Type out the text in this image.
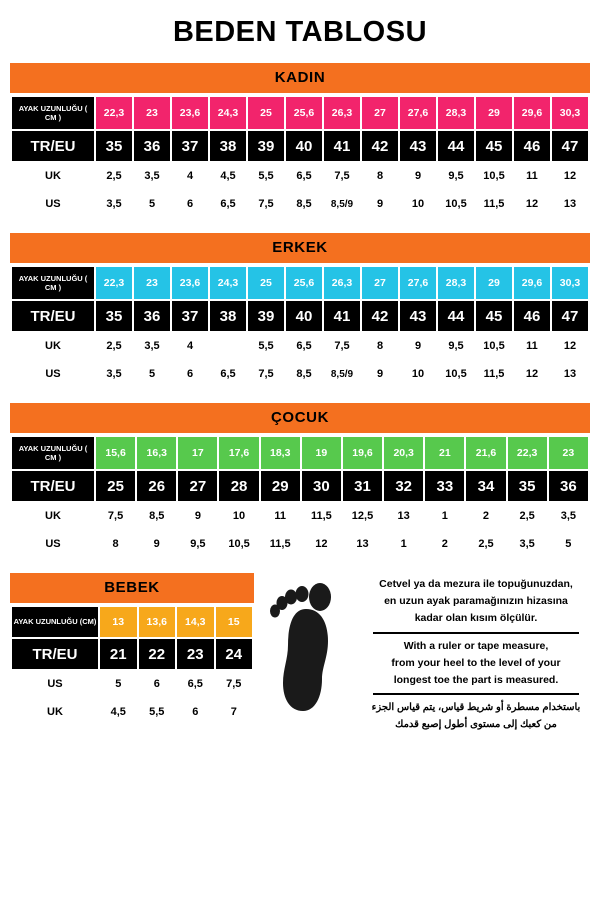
BEDEN TABLOSU
KADIN
AYAK UZUNLUĞU ( CM )	22,3	23	23,6	24,3	25	25,6	26,3	27	27,6	28,3	29	29,6	30,3
TR/EU	35	36	37	38	39	40	41	42	43	44	45	46	47
UK	2,5	3,5	4	4,5	5,5	6,5	7,5	8	9	9,5	10,5	11	12
US	3,5	5	6	6,5	7,5	8,5	8,5/9	9	10	10,5	11,5	12	13
ERKEK
AYAK UZUNLUĞU ( CM )	22,3	23	23,6	24,3	25	25,6	26,3	27	27,6	28,3	29	29,6	30,3
TR/EU	35	36	37	38	39	40	41	42	43	44	45	46	47
UK	2,5	3,5	4		5,5	6,5	7,5	8	9	9,5	10,5	11	12
US	3,5	5	6	6,5	7,5	8,5	8,5/9	9	10	10,5	11,5	12	13
ÇOCUK
AYAK UZUNLUĞU ( CM )	15,6	16,3	17	17,6	18,3	19	19,6	20,3	21	21,6	22,3	23
TR/EU	25	26	27	28	29	30	31	32	33	34	35	36
UK	7,5	8,5	9	10	11	11,5	12,5	13	1	2	2,5	3,5
US	8	9	9,5	10,5	11,5	12	13	1	2	2,5	3,5	5
BEBEK
AYAK UZUNLUĞU (CM)	13	13,6	14,3	15
TR/EU	21	22	23	24
US	5	6	6,5	7,5
UK	4,5	5,5	6	7

Cetvel ya da mezura ile topuğunuzdan,

en uzun ayak paramağınızın hizasına

kadar olan kısım ölçülür.

With a ruler or tape measure,

from your heel to the level of your

longest toe the part is measured.

باستخدام مسطرة أو شريط قياس، يتم قياس الجزء

من كعبك إلى مستوى أطول إصبع قدمك
